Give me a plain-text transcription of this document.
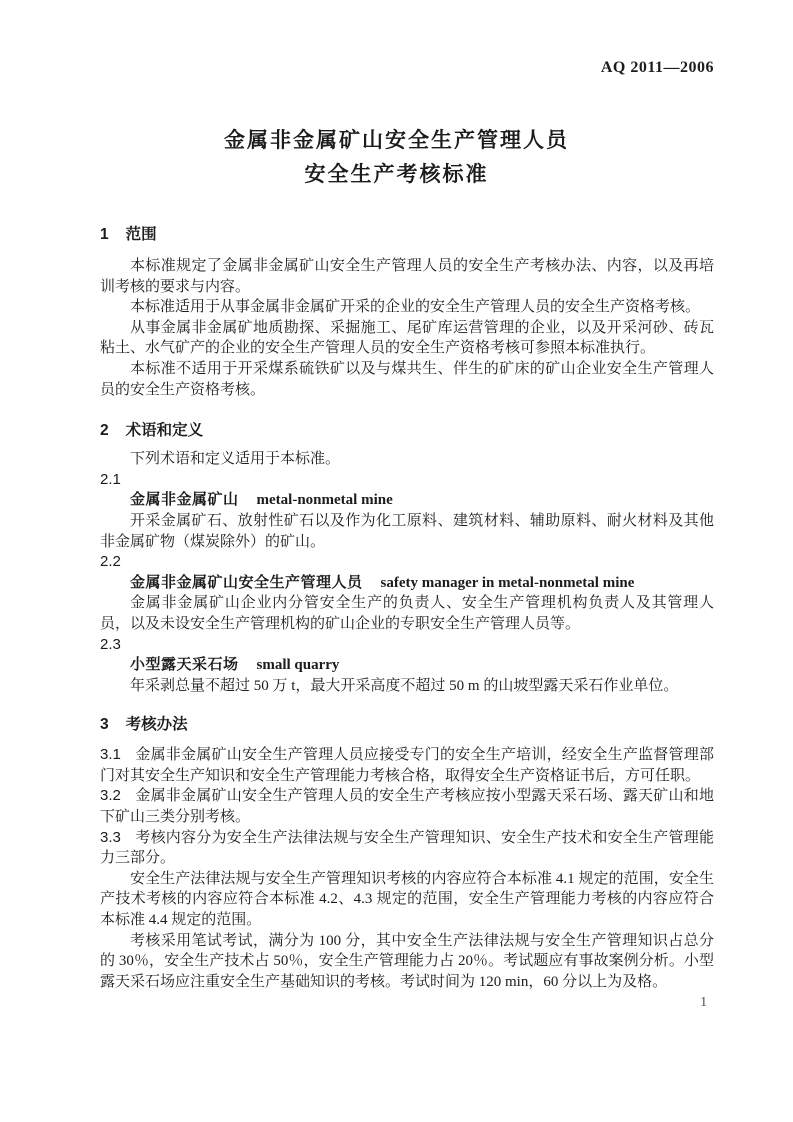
AQ 2011—2006
金属非金属矿山安全生产管理人员
安全生产考核标准
1 范围

本标准规定了金属非金属矿山安全生产管理人员的安全生产考核办法、内容，以及再培训考核的要求与内容。

本标准适用于从事金属非金属矿开采的企业的安全生产管理人员的安全生产资格考核。

从事金属非金属矿地质勘探、采掘施工、尾矿库运营管理的企业，以及开采河砂、砖瓦粘土、水气矿产的企业的安全生产管理人员的安全生产资格考核可参照本标准执行。

本标准不适用于开采煤系硫铁矿以及与煤共生、伴生的矿床的矿山企业安全生产管理人员的安全生产资格考核。

2 术语和定义

下列术语和定义适用于本标准。

2.1
金属非金属矿山 metal-nonmetal mine

开采金属矿石、放射性矿石以及作为化工原料、建筑材料、辅助原料、耐火材料及其他非金属矿物（煤炭除外）的矿山。

2.2
金属非金属矿山安全生产管理人员 safety manager in metal-nonmetal mine

金属非金属矿山企业内分管安全生产的负责人、安全生产管理机构负责人及其管理人员，以及未设安全生产管理机构的矿山企业的专职安全生产管理人员等。

2.3
小型露天采石场 small quarry

年采剥总量不超过 50 万 t，最大开采高度不超过 50 m 的山坡型露天采石作业单位。

3 考核办法

3.1 金属非金属矿山安全生产管理人员应接受专门的安全生产培训，经安全生产监督管理部门对其安全生产知识和安全生产管理能力考核合格，取得安全生产资格证书后，方可任职。

3.2 金属非金属矿山安全生产管理人员的安全生产考核应按小型露天采石场、露天矿山和地下矿山三类分别考核。

3.3 考核内容分为安全生产法律法规与安全生产管理知识、安全生产技术和安全生产管理能力三部分。

安全生产法律法规与安全生产管理知识考核的内容应符合本标准 4.1 规定的范围，安全生产技术考核的内容应符合本标准 4.2、4.3 规定的范围，安全生产管理能力考核的内容应符合本标准 4.4 规定的范围。

考核采用笔试考试，满分为 100 分，其中安全生产法律法规与安全生产管理知识占总分的 30％，安全生产技术占 50％，安全生产管理能力占 20％。考试题应有事故案例分析。小型露天采石场应注重安全生产基础知识的考核。考试时间为 120 min，60 分以上为及格。

1
